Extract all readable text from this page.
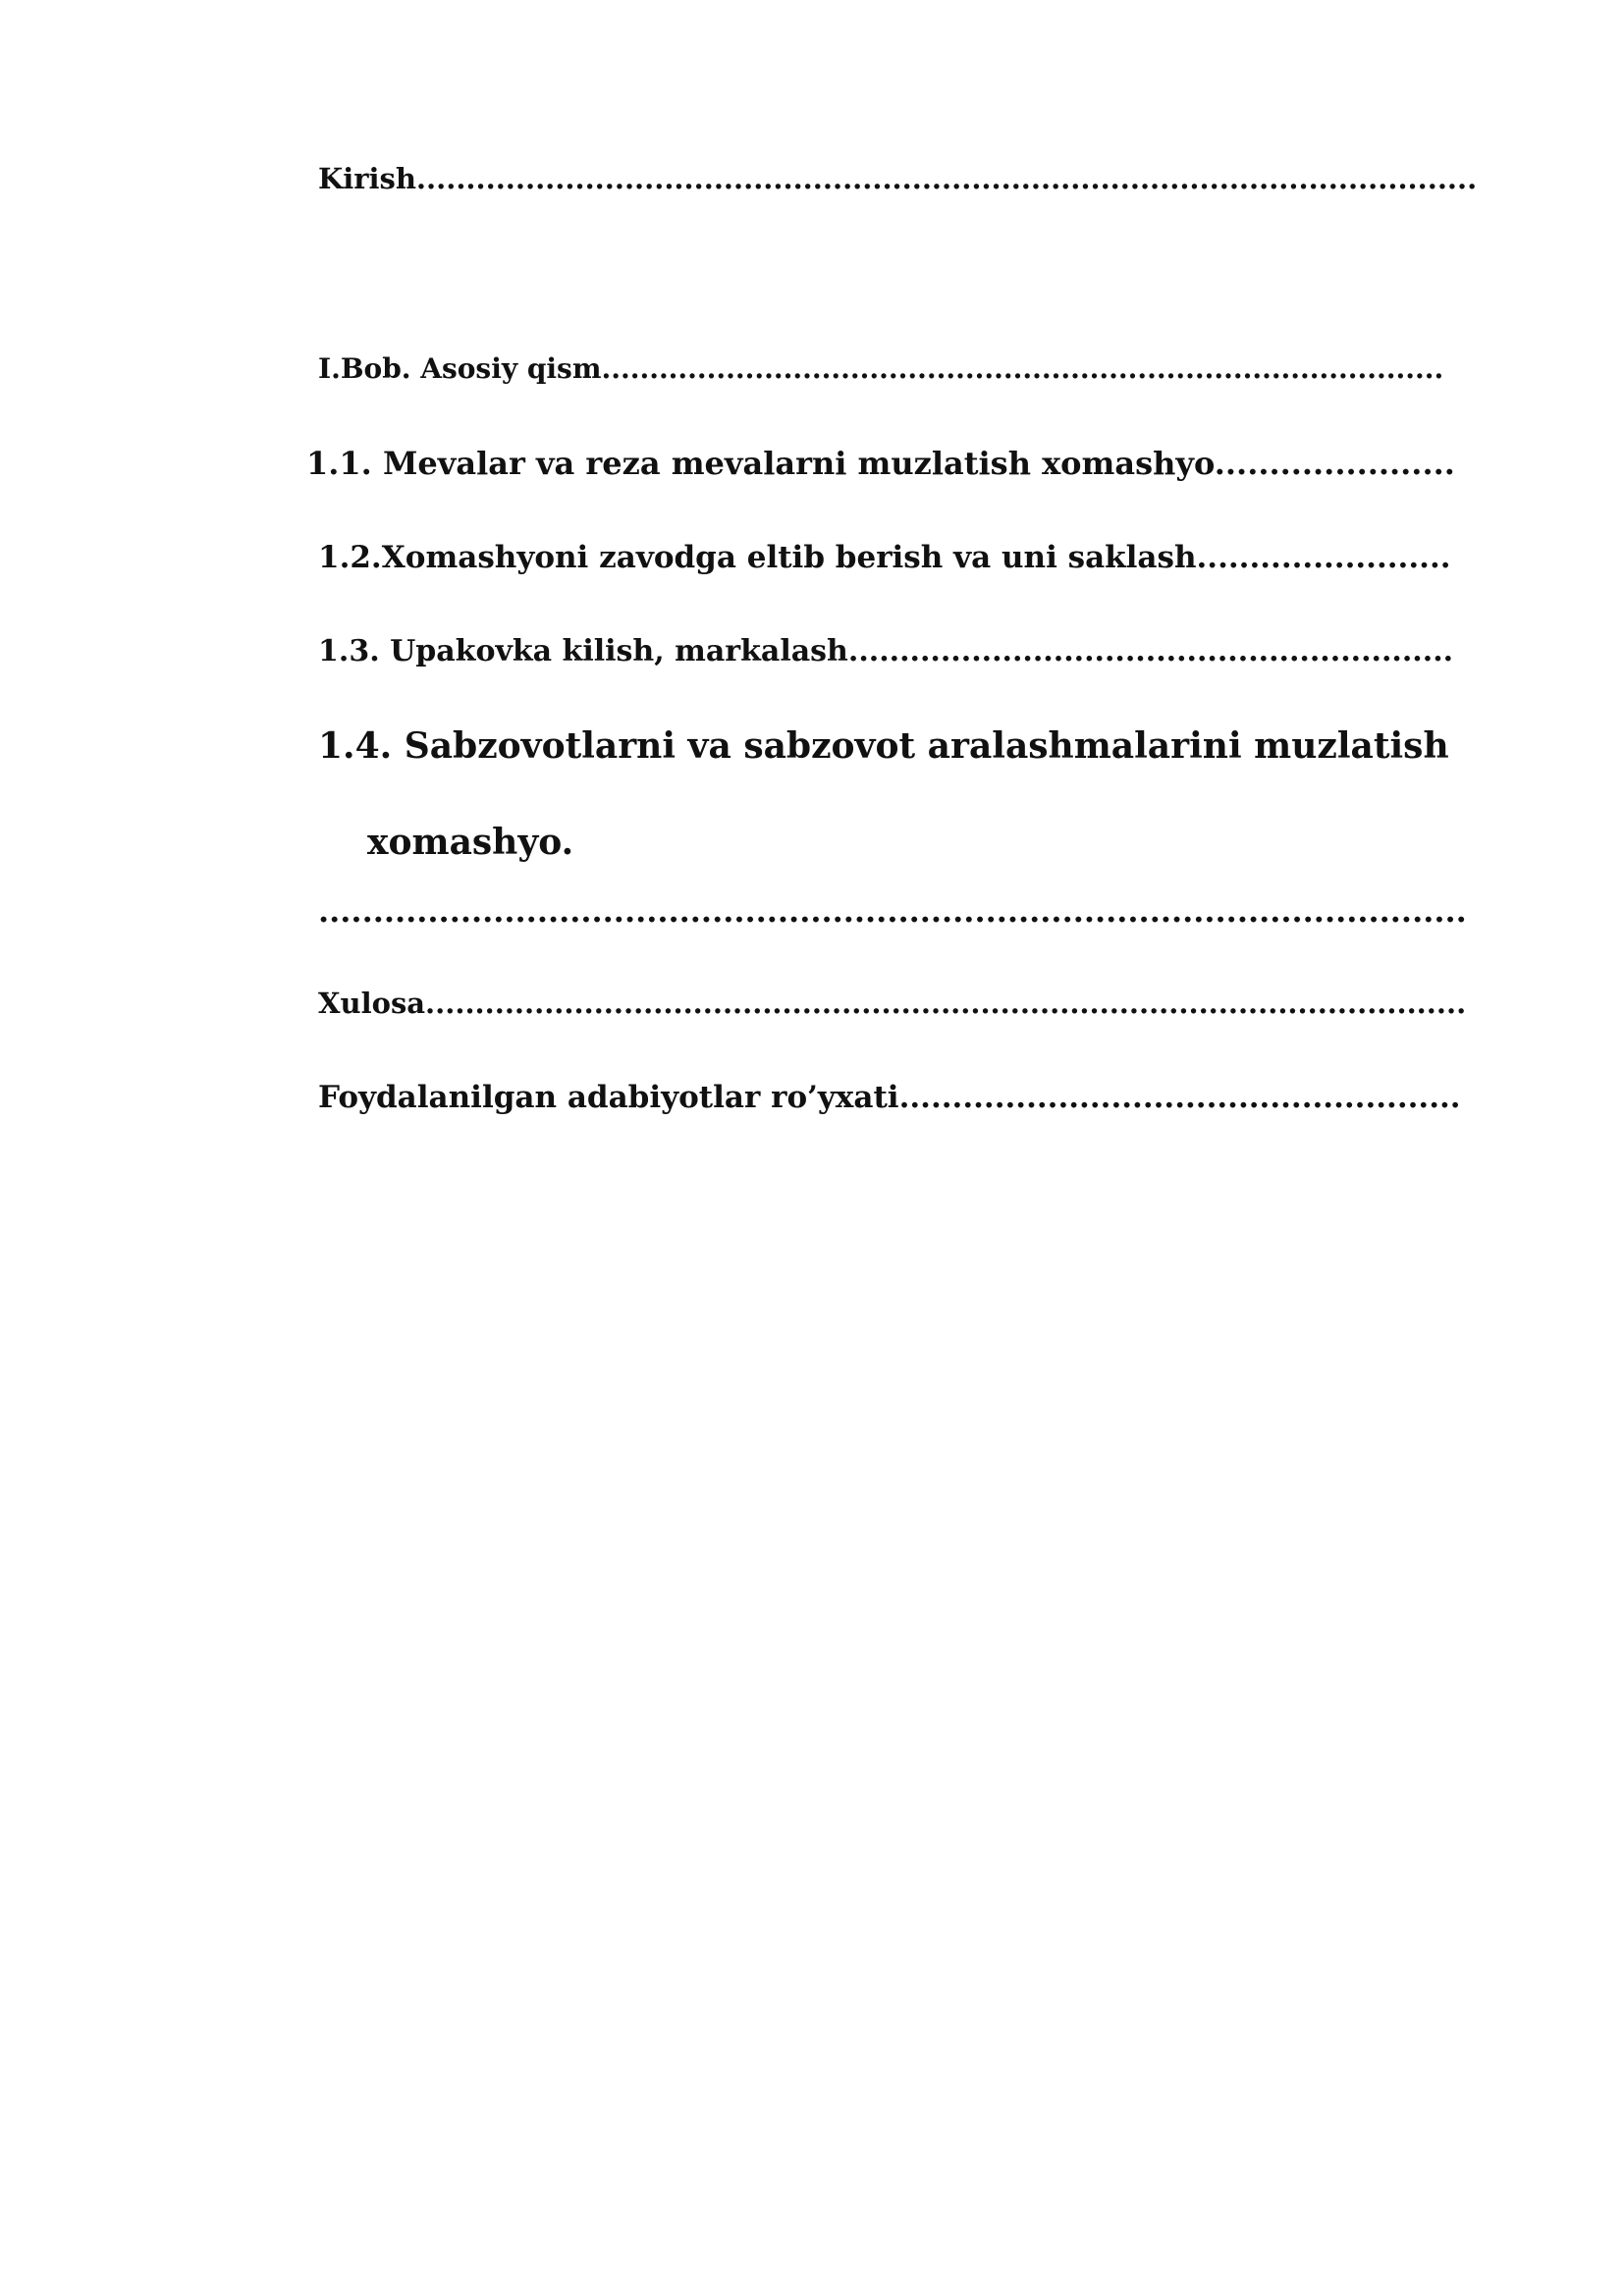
Kirish...........................................................................................................
I.Bob. Asosiy qism........................................................................................
1.1. Mevalar va reza mevalarni muzlatish xomashyo......................
1.2.Xomashyoni zavodga eltib berish va uni saklash........................
1.3. Upakovka kilish, markalash...........................................................
1.4. Sabzovotlarni va sabzovot aralashmalarini muzlatish
xomashyo.
.........................................................................................................
Xulosa.........................................................................................................
Foydalanilgan adabiyotlar ro’yxati.....................................................
